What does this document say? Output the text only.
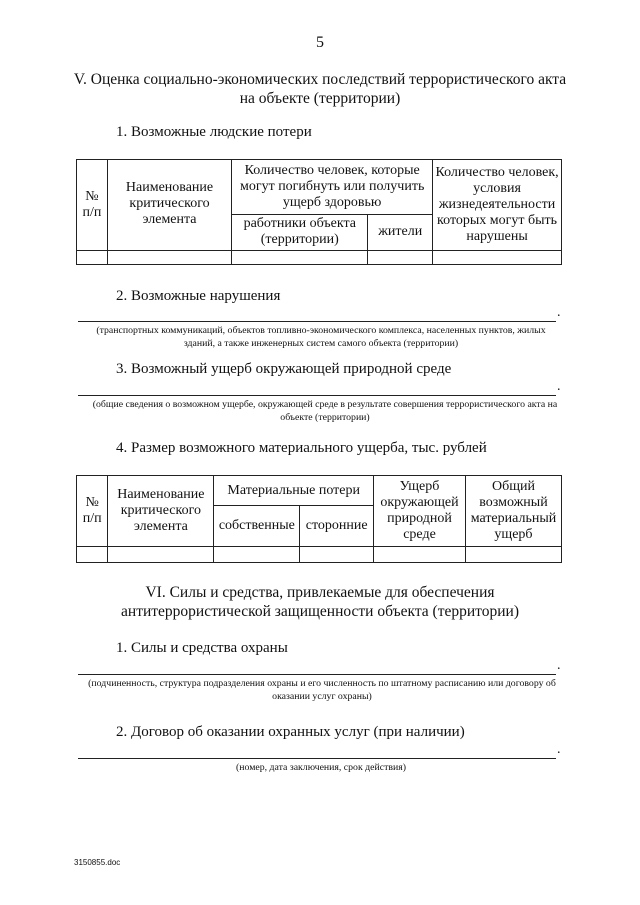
5
V. Оценка социально-экономических последствий террористического акта
на объекте (территории)
1. Возможные людские потери
№ п/п	Наименование критического элемента	Количество человек, которые могут погибнуть или получить ущерб здоровью		Количество человек, условия жизнедеятельности которых могут быть нарушены
		работники объекта (территории)	жители	

2. Возможные нарушения
.
(транспортных коммуникаций, объектов топливно-экономического комплекса, населенных пунктов, жилых зданий, а также инженерных систем самого объекта (территории)
3. Возможный ущерб окружающей природной среде
.
(общие сведения о возможном ущербе, окружающей среде в результате совершения террористического акта на объекте (территории)
4. Размер возможного материального ущерба, тыс. рублей
№ п/п	Наименование критического элемента	Материальные потери		Ущерб окружающей природной среде	Общий возможный материальный ущерб
		собственные	сторонние		

VI. Силы и средства, привлекаемые для обеспечения
антитеррористической защищенности объекта (территории)
1. Силы и средства охраны
.
(подчиненность, структура подразделения охраны и его численность по штатному расписанию или договору об оказании услуг охраны)
2. Договор об оказании охранных услуг (при наличии)
.
(номер, дата заключения, срок действия)
3150855.doc
